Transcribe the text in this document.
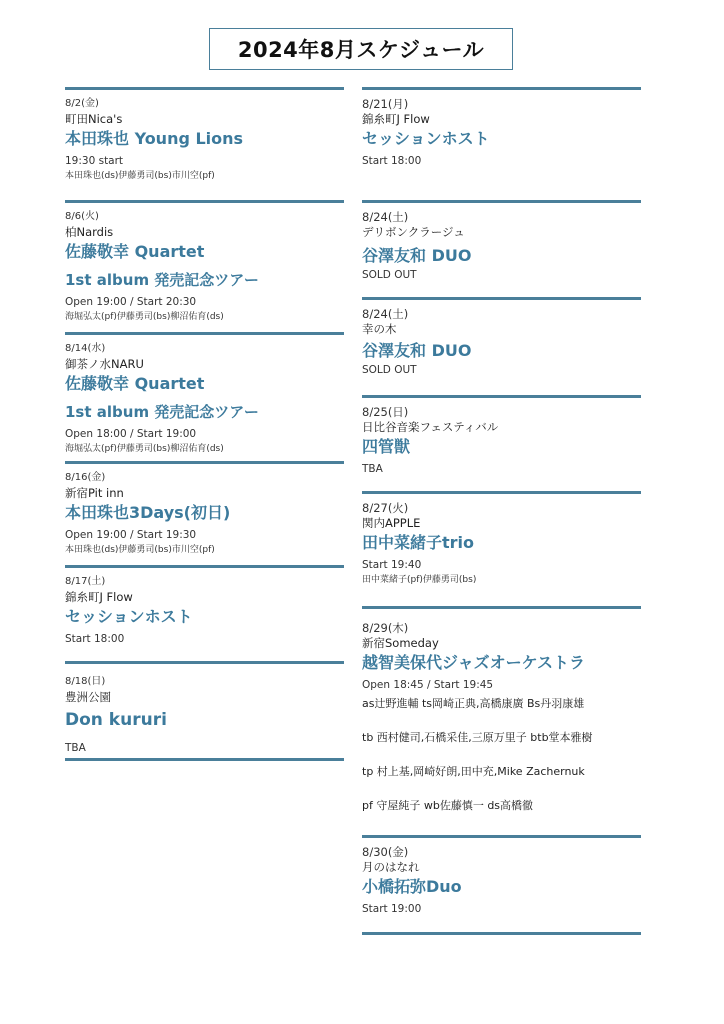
2024年8月スケジュール
8/2(金)
町田Nica's
本田珠也 Young Lions
19:30 start
本田珠也(ds)伊藤勇司(bs)市川空(pf)
8/6(火)
柏Nardis
佐藤敬幸 Quartet
1st album 発売記念ツアー
Open 19:00 / Start 20:30
海堀弘太(pf)伊藤勇司(bs)柳沼佑育(ds)
8/14(水)
御茶ノ水NARU
佐藤敬幸 Quartet
1st album 発売記念ツアー
Open 18:00 / Start 19:00
海堀弘太(pf)伊藤勇司(bs)柳沼佑育(ds)
8/16(金)
新宿Pit inn
本田珠也3Days(初日)
Open 19:00 / Start 19:30
本田珠也(ds)伊藤勇司(bs)市川空(pf)
8/17(土)
錦糸町J Flow
セッションホスト
Start 18:00
8/18(日)
豊洲公園
Don kururi
TBA
8/21(月)
錦糸町J Flow
セッションホスト
Start 18:00
8/24(土)
デリボンクラージュ
谷澤友和 DUO
SOLD OUT
8/24(土)
幸の木
谷澤友和 DUO
SOLD OUT
8/25(日)
日比谷音楽フェスティバル
四管獣
TBA
8/27(火)
関内APPLE
田中菜緒子trio
Start 19:40
田中菜緒子(pf)伊藤勇司(bs)
8/29(木)
新宿Someday
越智美保代ジャズオーケストラ
Open 18:45 / Start 19:45
as辻野進輔 ts岡崎正典,高橋康廣 Bs丹羽康雄
tb 西村健司,石橋采佳,三原万里子 btb堂本雅樹
tp 村上基,岡崎好朗,田中充,Mike Zachernuk
pf 守屋純子 wb佐藤慎一 ds高橋徹
8/30(金)
月のはなれ
小橋拓弥Duo
Start 19:00
